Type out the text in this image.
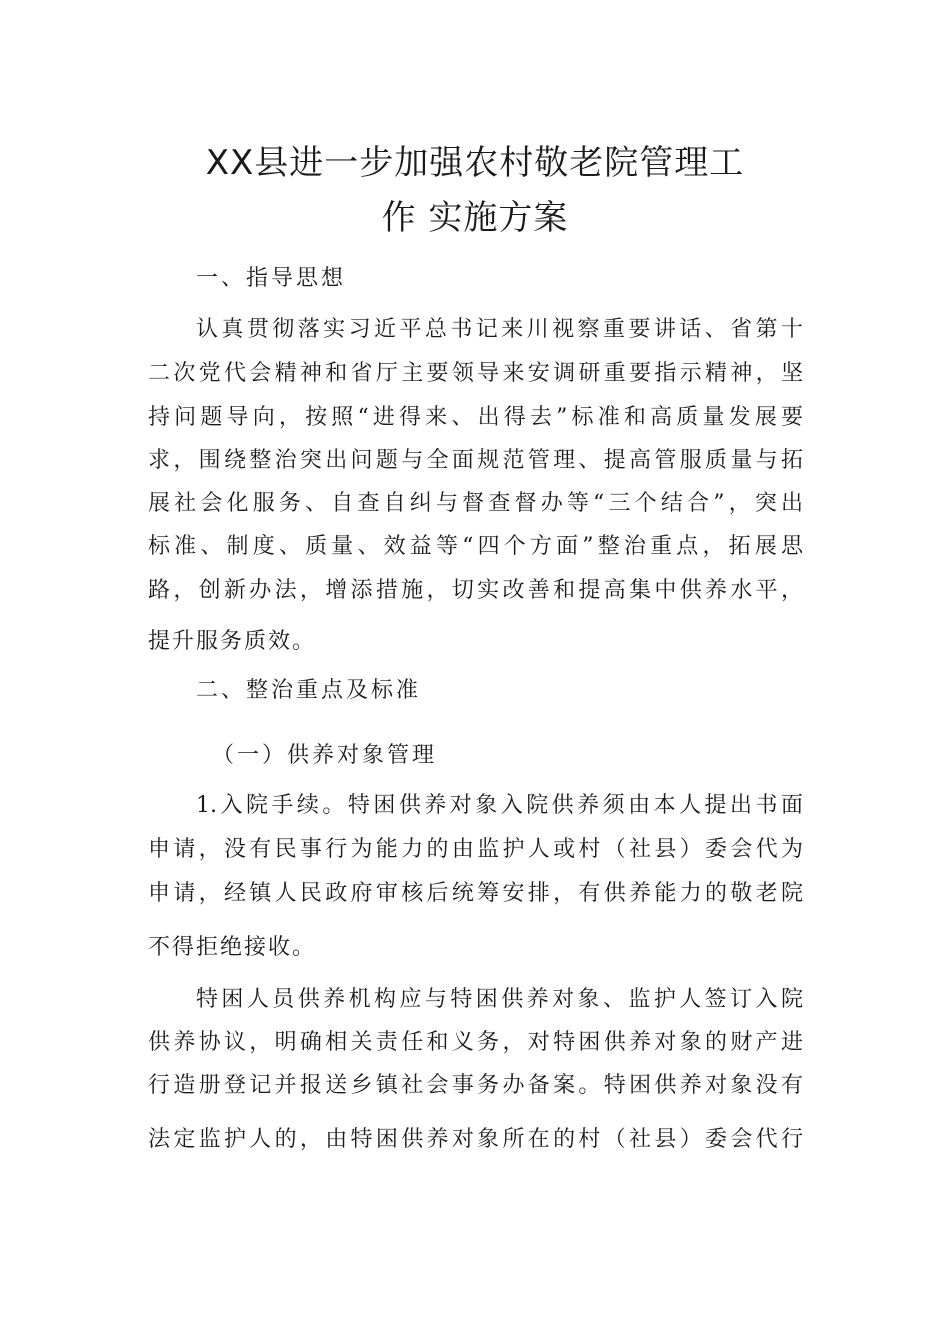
XX县进一步加强农村敬老院管理工
作 实施方案
一、指导思想
认真贯彻落实习近平总书记来川视察重要讲话、省第十
二次党代会精神和省厅主要领导来安调研重要指示精神，坚
持问题导向，按照“进得来、出得去”标准和高质量发展要
求，围绕整治突出问题与全面规范管理、提高管服质量与拓
展社会化服务、自查自纠与督查督办等“三个结合”，突出
标准、制度、质量、效益等“四个方面”整治重点，拓展思
路，创新办法，增添措施，切实改善和提高集中供养水平，
提升服务质效。
二、整治重点及标准
（一）供养对象管理
1.入院手续。特困供养对象入院供养须由本人提出书面
申请，没有民事行为能力的由监护人或村（社县）委会代为
申请，经镇人民政府审核后统筹安排，有供养能力的敬老院
不得拒绝接收。
特困人员供养机构应与特困供养对象、监护人签订入院
供养协议，明确相关责任和义务，对特困供养对象的财产进
行造册登记并报送乡镇社会事务办备案。特困供养对象没有
法定监护人的，由特困供养对象所在的村（社县）委会代行
